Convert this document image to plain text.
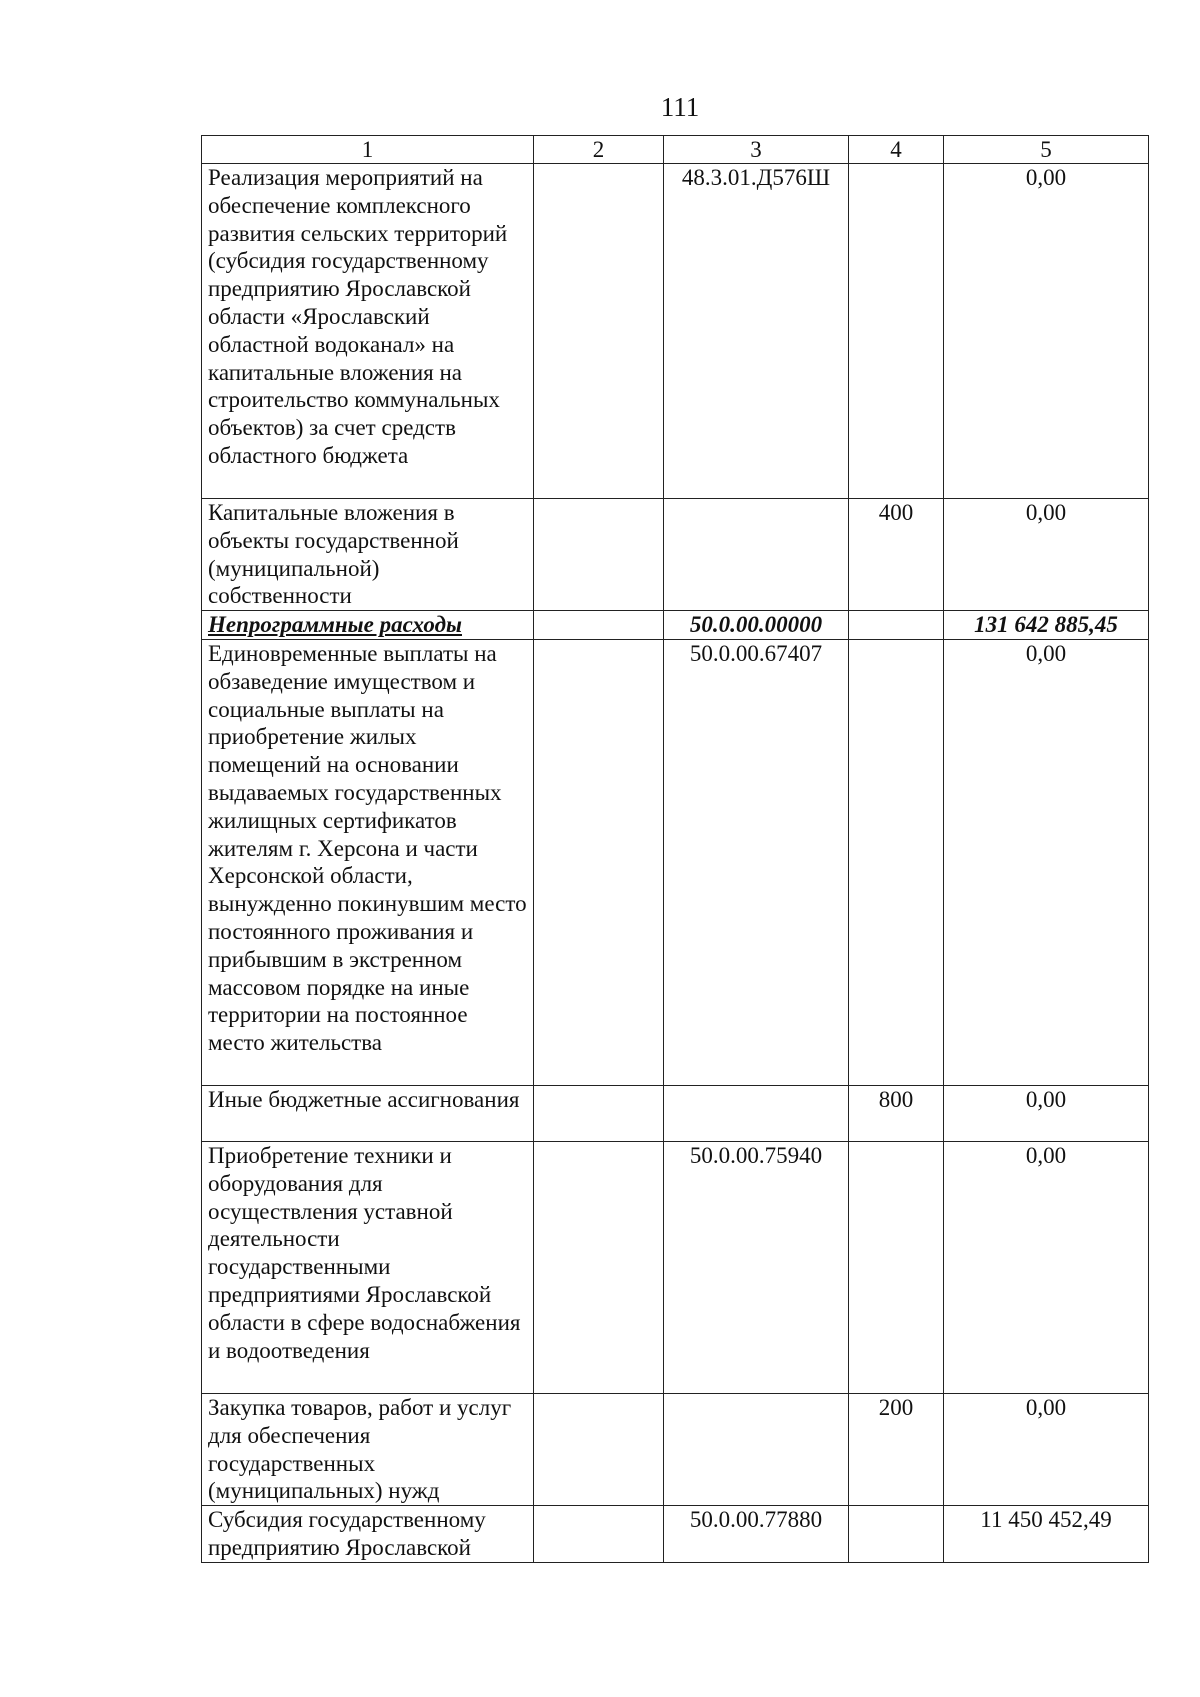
111
1	2	3	4	5
Реализация мероприятий на обеспечение комплексного развития сельских территорий (субсидия государственному предприятию Ярославской области «Ярославский областной водоканал» на капитальные вложения на строительство коммунальных объектов) за счет средств областного бюджета		48.3.01.Д576Ш		0,00
Капитальные вложения в объекты государственной (муниципальной) собственности			400	0,00
Непрограммные расходы		50.0.00.00000		131 642 885,45
Единовременные выплаты на обзаведение имуществом и социальные выплаты на приобретение жилых помещений на основании выдаваемых государственных жилищных сертификатов жителям г. Херсона и части Херсонской области, вынужденно покинувшим место постоянного проживания и прибывшим в экстренном массовом порядке на иные территории на постоянное место жительства		50.0.00.67407		0,00
Иные бюджетные ассигнования			800	0,00
Приобретение техники и оборудования для осуществления уставной деятельности государственными предприятиями Ярославской области в сфере водоснабжения и водоотведения		50.0.00.75940		0,00
Закупка товаров, работ и услуг для обеспечения государственных (муниципальных) нужд			200	0,00
Субсидия государственному предприятию Ярославской		50.0.00.77880		11 450 452,49
